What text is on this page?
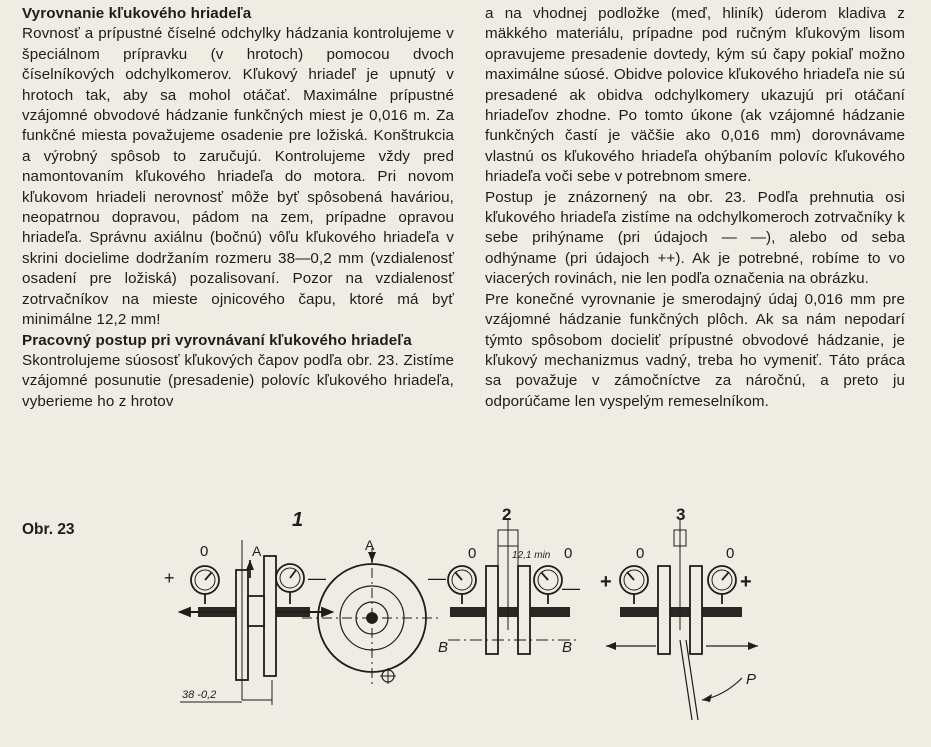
Vyrovnanie kľukového hriadeľa

Rovnosť a prípustné číselné odchylky hádzania kontrolujeme v špeciálnom prípravku (v hrotoch) pomocou dvoch číselníkových odchylkomerov. Kľukový hriadeľ je upnutý v hrotoch tak, aby sa mohol otáčať. Maximálne prípustné vzájomné obvodové hádzanie funkčných miest je 0,016 m. Za funkčné miesta považujeme osadenie pre ložiská. Konštrukcia a výrobný spôsob to zaručujú. Kontrolujeme vždy pred namontovaním kľukového hriadeľa do motora. Pri novom kľukovom hriadeli nerovnosť môže byť spôsobená haváriou, neopatrnou dopravou, pádom na zem, prípadne opravou hriadeľa. Správnu axiálnu (bočnú) vôľu kľukového hriadeľa v skrini docielime dodržaním rozmeru 38—0,2 mm (vzdialenosť osadení pre ložiská) pozalisovaní. Pozor na vzdialenosť zotrvačníkov na mieste ojnicového čapu, ktoré má byť minimálne 12,2 mm!

Pracovný postup pri vyrovnávaní kľukového hriadeľa

Skontrolujeme súososť kľukových čapov podľa obr. 23. Zistíme vzájomné posunutie (presadenie) polovíc kľukového hriadeľa, vyberieme ho z hrotov

a na vhodnej podložke (meď, hliník) úderom kladiva z mäkkého materiálu, prípadne pod ručným kľukovým lisom opravujeme presadenie dovtedy, kým sú čapy pokiaľ možno maximálne súosé. Obidve polovice kľukového hriadeľa nie sú presadené ak obidva odchylkomery ukazujú pri otáčaní hriadeľov zhodne. Po tomto úkone (ak vzájomné hádzanie funkčných častí je väčšie ako 0,016 mm) dorovnávame vlastnú os kľukového hriadeľa ohýbaním polovíc kľukového hriadeľa voči sebe v potrebnom smere.

Postup je znázornený na obr. 23. Podľa prehnutia osi kľukového hriadeľa zistíme na odchylkomeroch zotrvačníky k sebe prihýname (pri údajoch — —), alebo od seba odhýname (pri údajoch ++). Ak je potrebné, robíme to vo viacerých rovinách, nie len podľa označenia na obrázku.

Pre konečné vyrovnanie je smerodajný údaj 0,016 mm pre vzájomné hádzanie funkčných plôch. Ak sa nám nepodarí týmto spôsobom docieliť prípustné obvodové hádzanie, je kľukový mechanizmus vadný, treba ho vymeniť. Táto práca sa považuje v zámočníctve za náročnú, a preto ju odporúčame len vyspelým remeselníkom.

Obr. 23	1
+
0
—
A
38 -0,2
A
2
0	0
—	—
12,1 min
B	B
3
0	0
+	+
P
